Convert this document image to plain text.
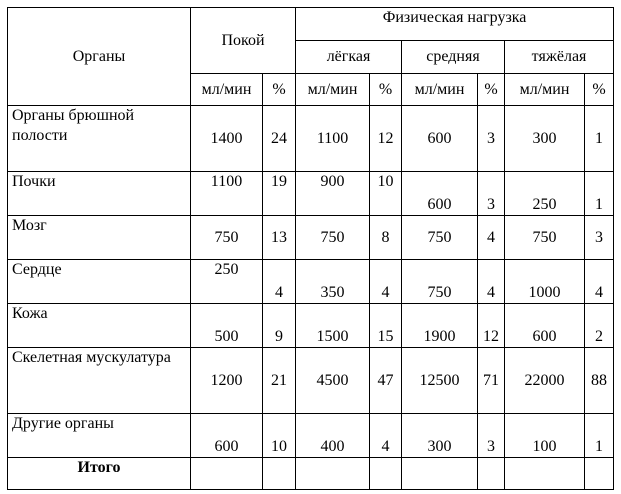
Органы	Покой		Физическая нагрузка					
			лёгкая		средняя		тяжёлая	
	мл/мин	%	мл/мин	%	мл/мин	%	мл/мин	%
Органы брюшной полости	1400	24	1100	12	600	3	300	1
Почки	1100	19	900	10	600	3	250	1
Мозг	750	13	750	8	750	4	750	3
Сердце	250	4	350	4	750	4	1000	4
Кожа	500	9	1500	15	1900	12	600	2
Скелетная мускулатура	1200	21	4500	47	12500	71	22000	88
Другие органы	600	10	400	4	300	3	100	1
Итого								
